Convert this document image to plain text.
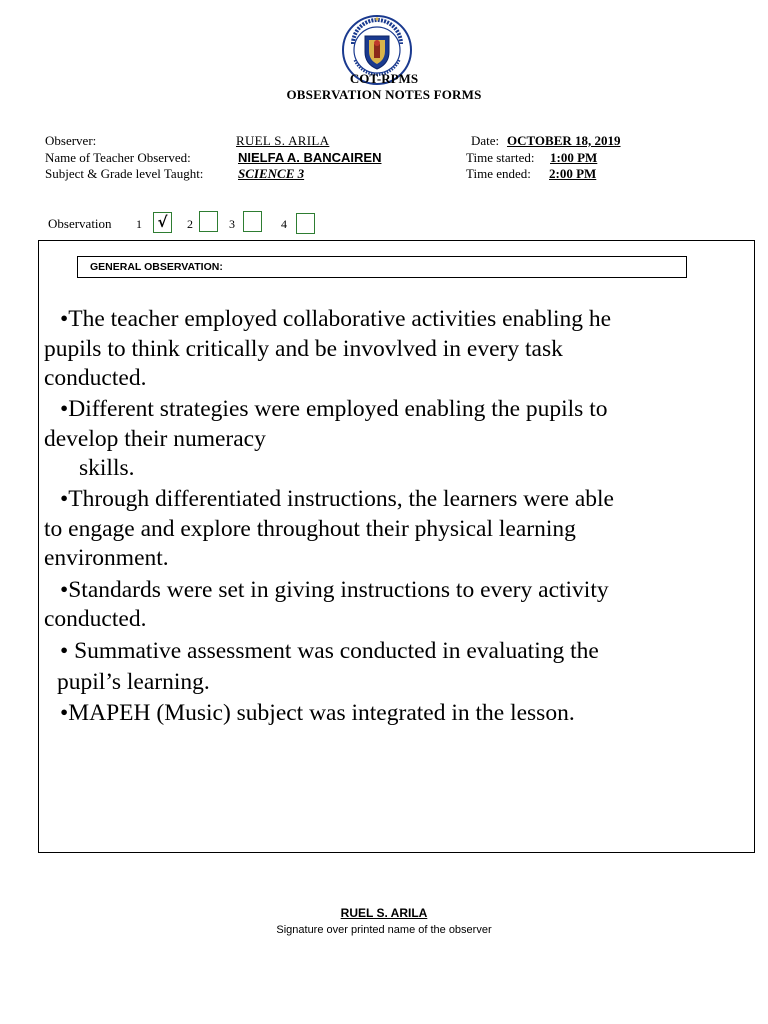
COT-RPMS
OBSERVATION NOTES FORMS
Observer:	RUEL S. ARILA
Name of Teacher Observed:	NIELFA A. BANCAIREN
Subject & Grade level Taught:	SCIENCE 3
Date: OCTOBER 18, 2019
Time started: 1:00 PM
Time ended: 2:00 PM
Observation 1 √ 2	3	4
GENERAL OBSERVATION:
•The teacher employed collaborative activities enabling he
pupils to think critically and be invovlved in every task
conducted.
•Different strategies were employed enabling the pupils to
develop their numeracy
skills.
•Through differentiated instructions, the learners were able
to engage and explore throughout their physical learning
environment.
•Standards were set in giving instructions to every activity
conducted.
• Summative assessment was conducted in evaluating the
pupil’s learning.
•MAPEH (Music) subject was integrated in the lesson.
RUEL S. ARILA
Signature over printed name of the observer
